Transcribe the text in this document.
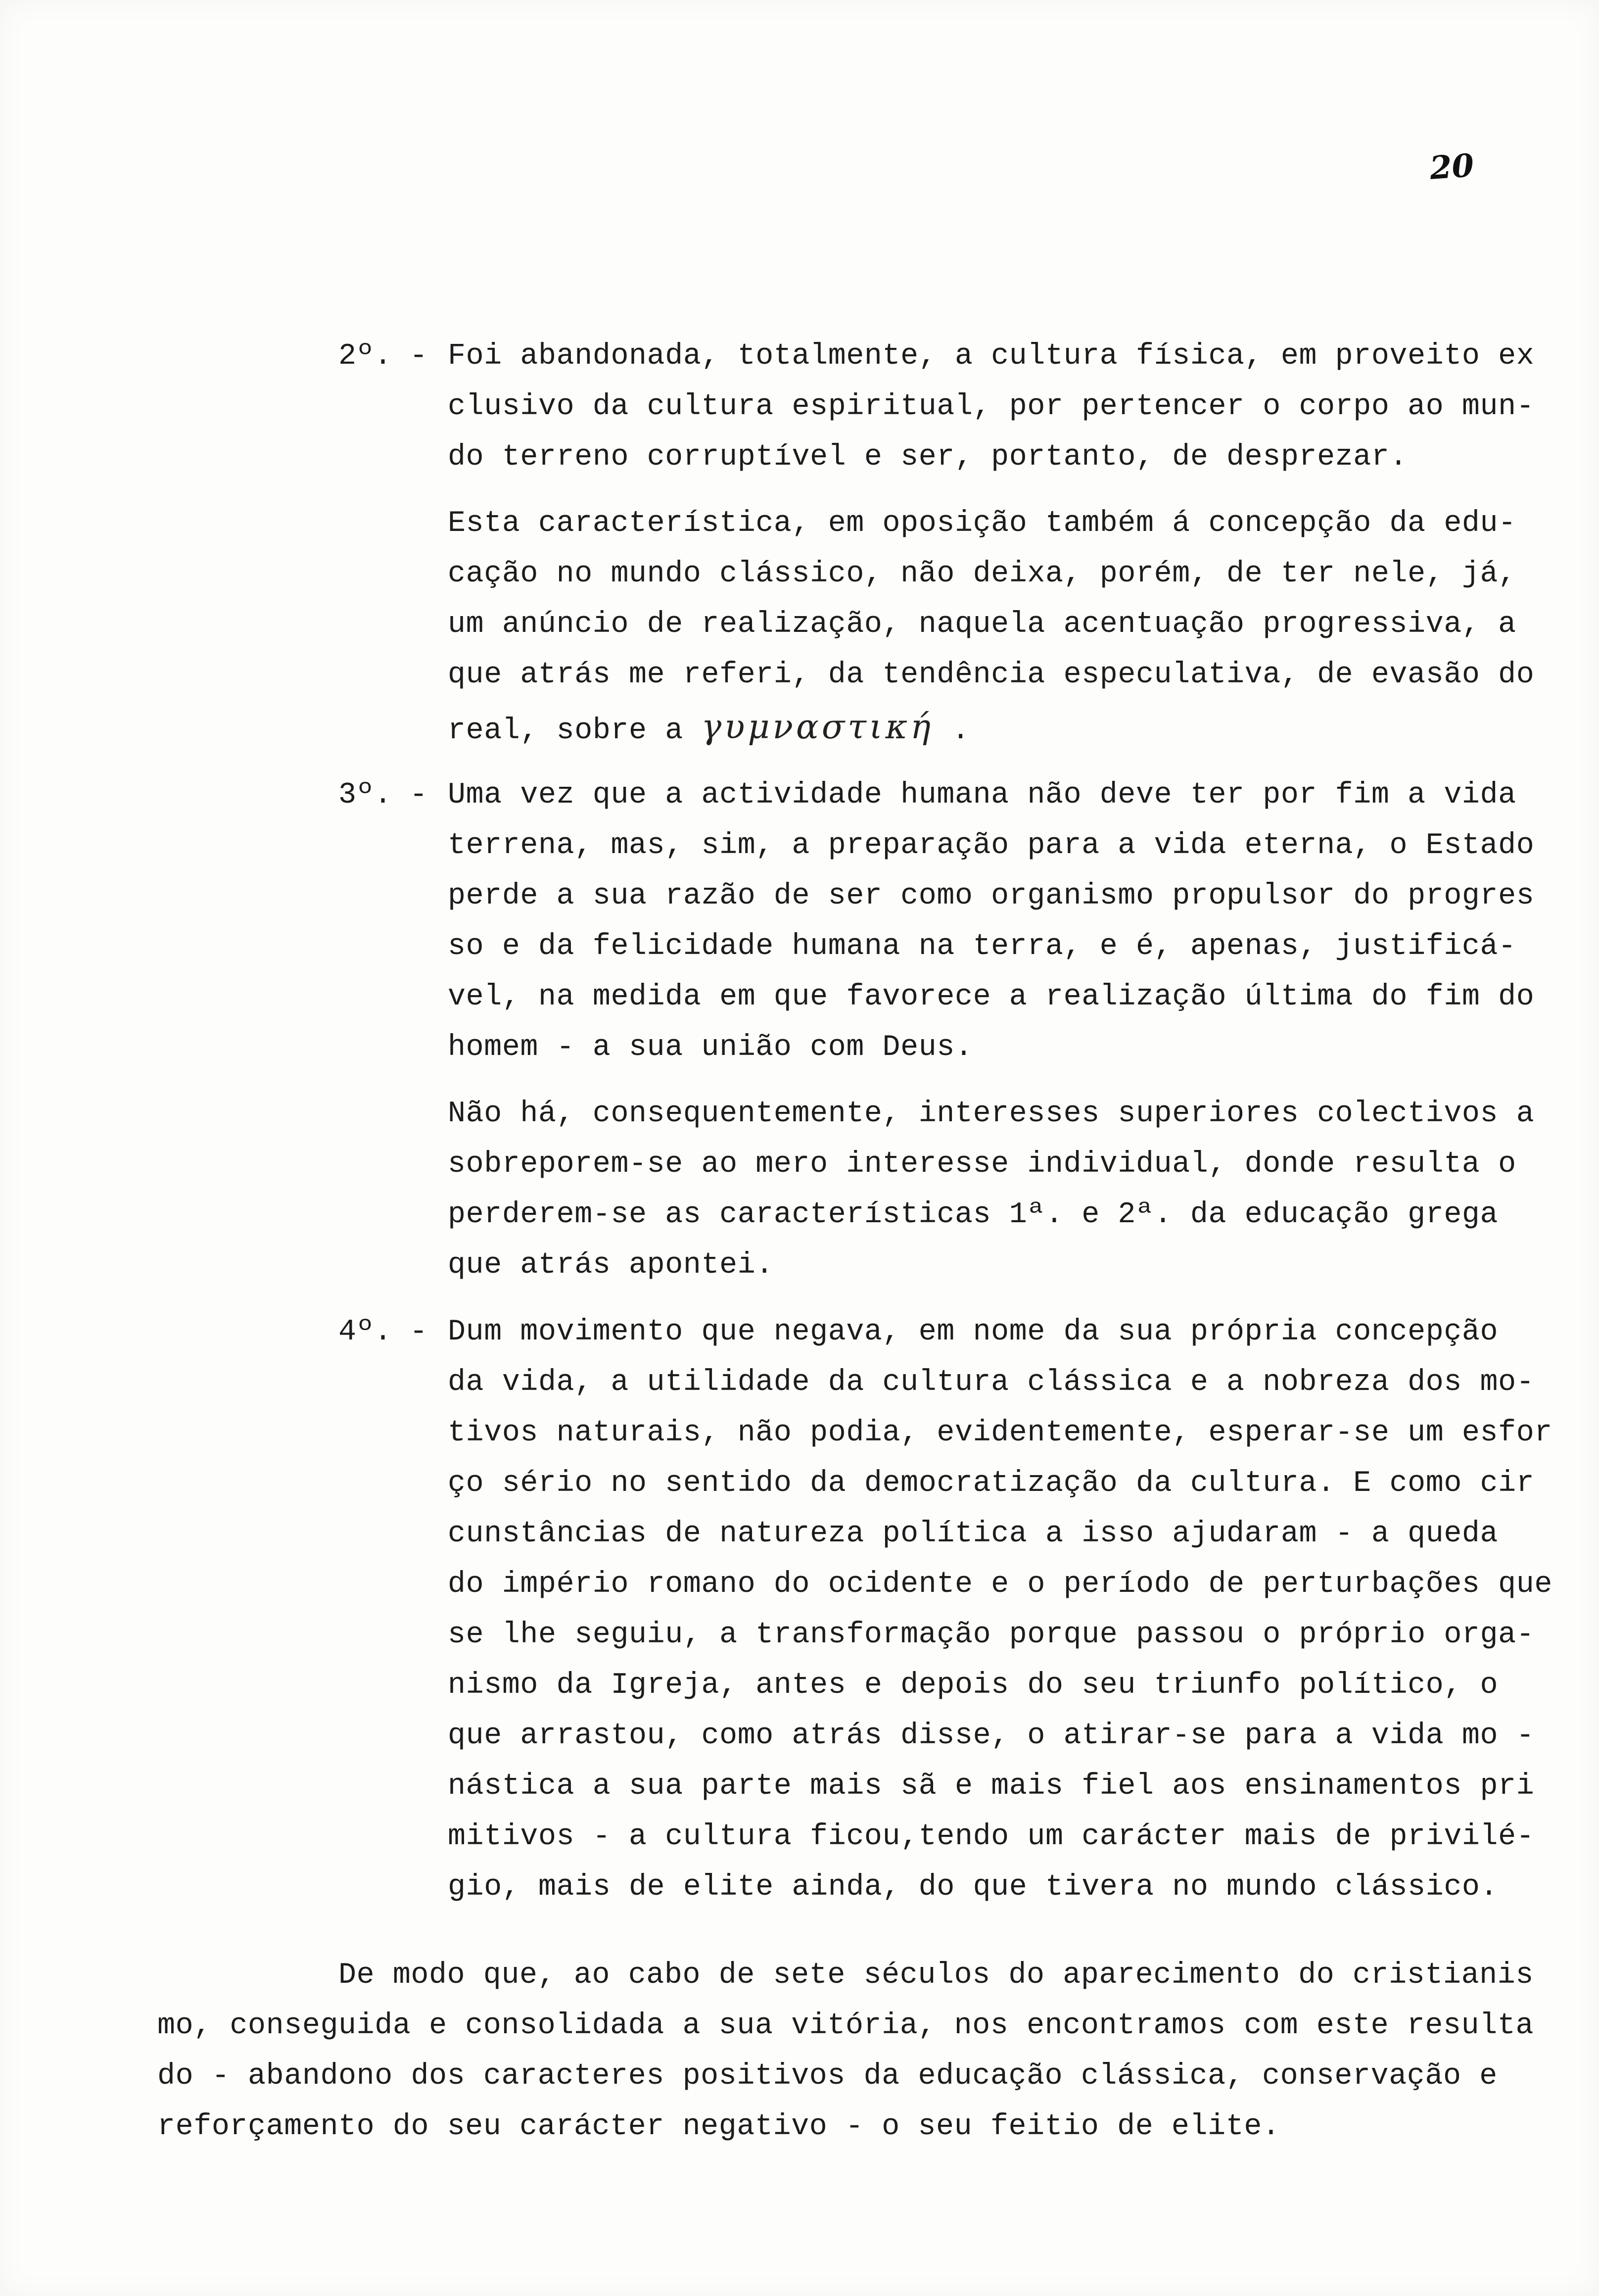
20
2º. - Foi abandonada, totalmente, a cultura física, em proveito ex
clusivo da cultura espiritual, por pertencer o corpo ao mun-
do terreno corruptível e ser, portanto, de desprezar.
Esta característica, em oposição também á concepção da edu-
cação no mundo clássico, não deixa, porém, de ter nele, já,
um anúncio de realização, naquela acentuação progressiva, a
que atrás me referi, da tendência especulativa, de evasão do
real, sobre a γυμναστική .
3º. - Uma vez que a actividade humana não deve ter por fim a vida
terrena, mas, sim, a preparação para a vida eterna, o Estado
perde a sua razão de ser como organismo propulsor do progres
so e da felicidade humana na terra, e é, apenas, justificá-
vel, na medida em que favorece a realização última do fim do
homem - a sua união com Deus.
Não há, consequentemente, interesses superiores colectivos a
sobreporem-se ao mero interesse individual, donde resulta o
perderem-se as características 1ª. e 2ª. da educação grega
que atrás apontei.
4º. - Dum movimento que negava, em nome da sua própria concepção
da vida, a utilidade da cultura clássica e a nobreza dos mo-
tivos naturais, não podia, evidentemente, esperar-se um esfor
ço sério no sentido da democratização da cultura. E como cir
cunstâncias de natureza política a isso ajudaram - a queda
do império romano do ocidente e o período de perturbações que
se lhe seguiu, a transformação porque passou o próprio orga-
nismo da Igreja, antes e depois do seu triunfo político, o
que arrastou, como atrás disse, o atirar-se para a vida mo -
nástica a sua parte mais sã e mais fiel aos ensinamentos pri
mitivos - a cultura ficou,tendo um carácter mais de privilé-
gio, mais de elite ainda, do que tivera no mundo clássico.
De modo que, ao cabo de sete séculos do aparecimento do cristianis
mo, conseguida e consolidada a sua vitória, nos encontramos com este resulta
do - abandono dos caracteres positivos da educação clássica, conservação e
reforçamento do seu carácter negativo - o seu feitio de elite.
